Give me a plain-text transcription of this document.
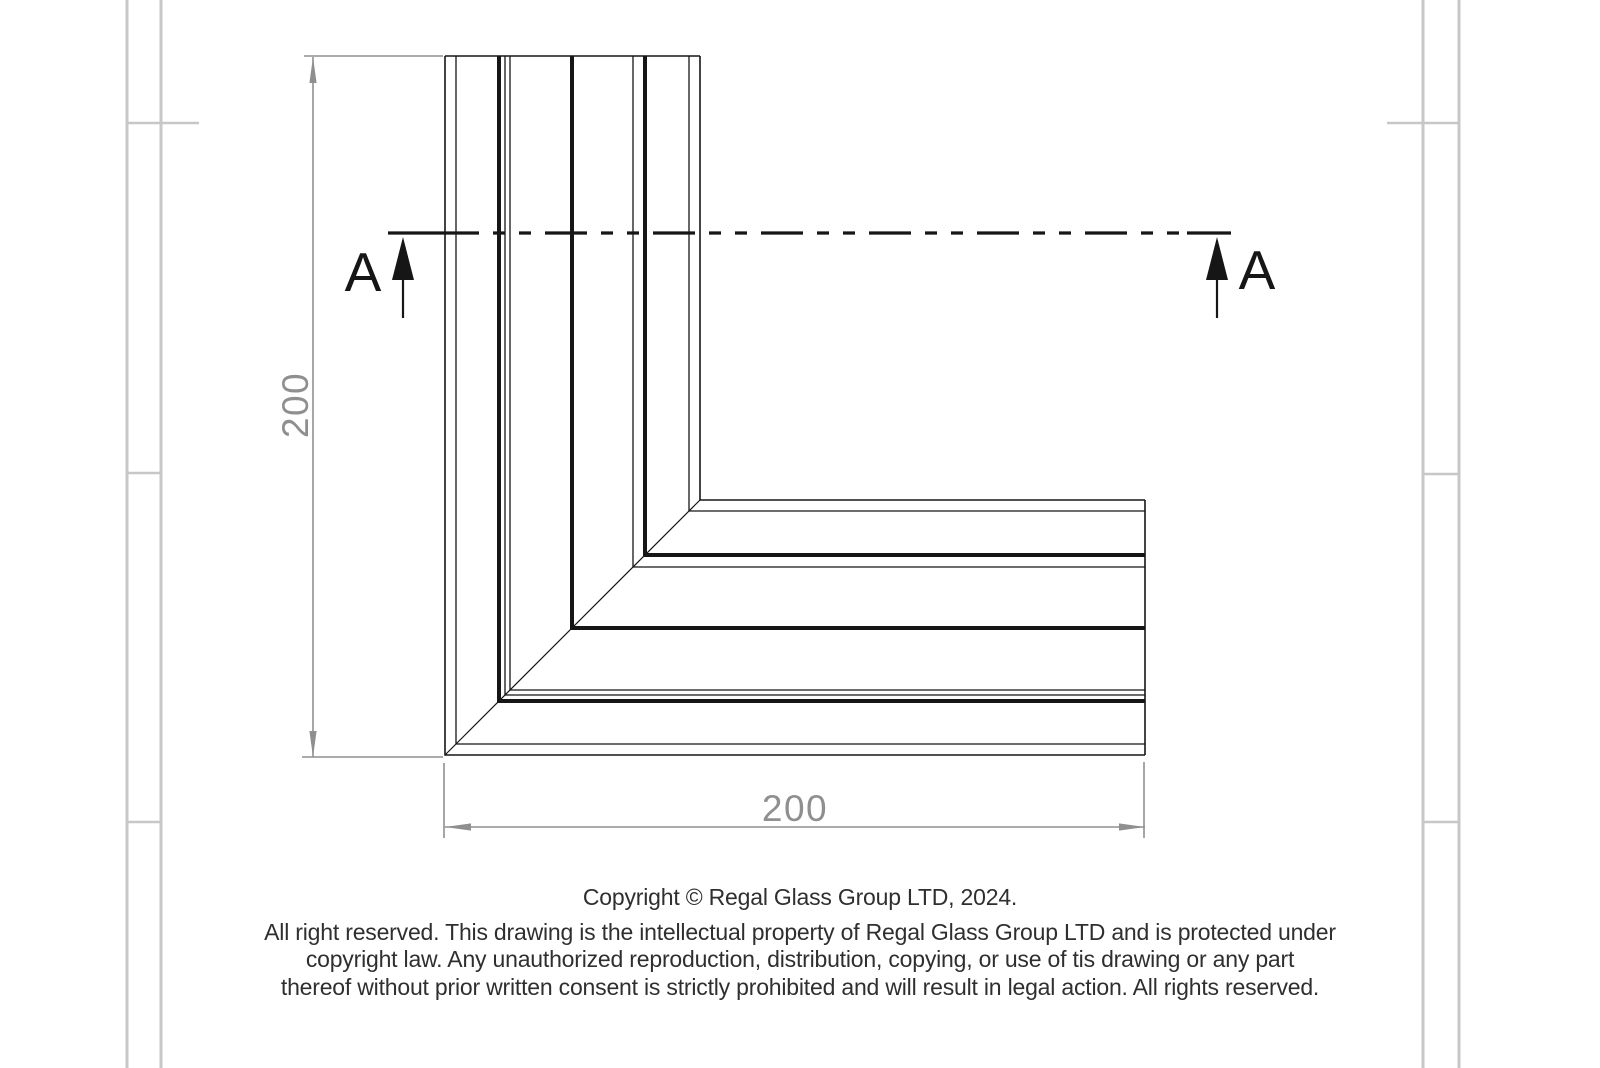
A	A
200
200

Copyright © Regal Glass Group LTD, 2024.

All right reserved. This drawing is the intellectual property of Regal Glass Group LTD and is protected under

copyright law. Any unauthorized reproduction, distribution, copying, or use of tis drawing or any part

thereof without prior written consent is strictly prohibited and will result in legal action. All rights reserved.
